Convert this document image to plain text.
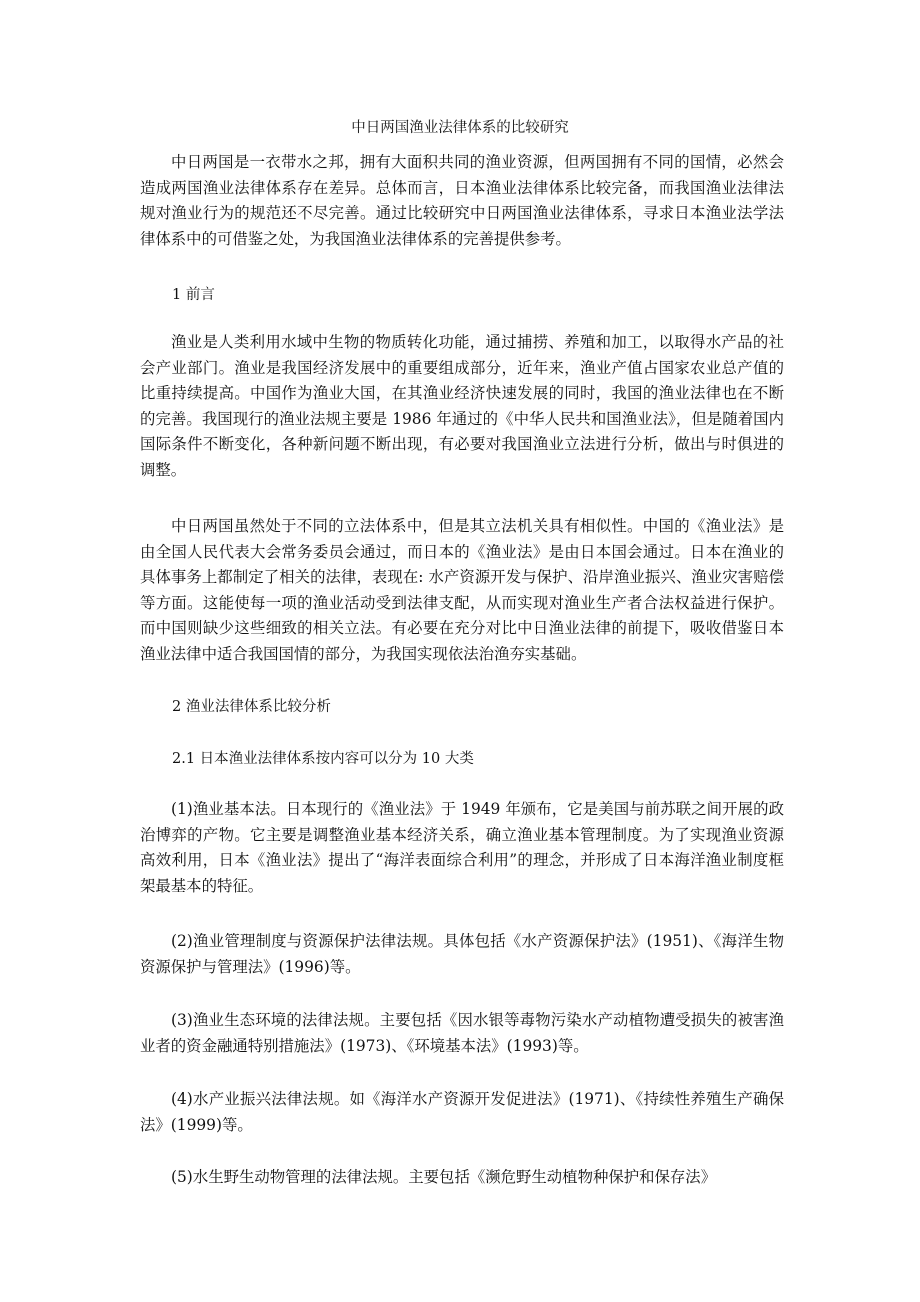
中日两国渔业法律体系的比较研究

中日两国是一衣带水之邦，拥有大面积共同的渔业资源，但两国拥有不同的国情，必然会造成两国渔业法律体系存在差异。总体而言，日本渔业法律体系比较完备，而我国渔业法律法规对渔业行为的规范还不尽完善。通过比较研究中日两国渔业法律体系，寻求日本渔业法学法律体系中的可借鉴之处，为我国渔业法律体系的完善提供参考。

1 前言

渔业是人类利用水域中生物的物质转化功能，通过捕捞、养殖和加工，以取得水产品的社会产业部门。渔业是我国经济发展中的重要组成部分，近年来，渔业产值占国家农业总产值的比重持续提高。中国作为渔业大国，在其渔业经济快速发展的同时，我国的渔业法律也在不断的完善。我国现行的渔业法规主要是 1986 年通过的《中华人民共和国渔业法》，但是随着国内国际条件不断变化，各种新问题不断出现，有必要对我国渔业立法进行分析，做出与时俱进的调整。

中日两国虽然处于不同的立法体系中，但是其立法机关具有相似性。中国的《渔业法》是由全国人民代表大会常务委员会通过，而日本的《渔业法》是由日本国会通过。日本在渔业的具体事务上都制定了相关的法律，表现在: 水产资源开发与保护、沿岸渔业振兴、渔业灾害赔偿等方面。这能使每一项的渔业活动受到法律支配，从而实现对渔业生产者合法权益进行保护。而中国则缺少这些细致的相关立法。有必要在充分对比中日渔业法律的前提下，吸收借鉴日本渔业法律中适合我国国情的部分，为我国实现依法治渔夯实基础。

2 渔业法律体系比较分析
2.1 日本渔业法律体系按内容可以分为 10 大类

(1)渔业基本法。日本现行的《渔业法》于 1949 年颁布，它是美国与前苏联之间开展的政治博弈的产物。它主要是调整渔业基本经济关系，确立渔业基本管理制度。为了实现渔业资源高效利用，日本《渔业法》提出了“海洋表面综合利用”的理念，并形成了日本海洋渔业制度框架最基本的特征。

(2)渔业管理制度与资源保护法律法规。具体包括《水产资源保护法》(1951)、《海洋生物资源保护与管理法》(1996)等。

(3)渔业生态环境的法律法规。主要包括《因水银等毒物污染水产动植物遭受损失的被害渔业者的资金融通特别措施法》(1973)、《环境基本法》(1993)等。

(4)水产业振兴法律法规。如《海洋水产资源开发促进法》(1971)、《持续性养殖生产确保法》(1999)等。

(5)水生野生动物管理的法律法规。主要包括《濒危野生动植物种保护和保存法》
